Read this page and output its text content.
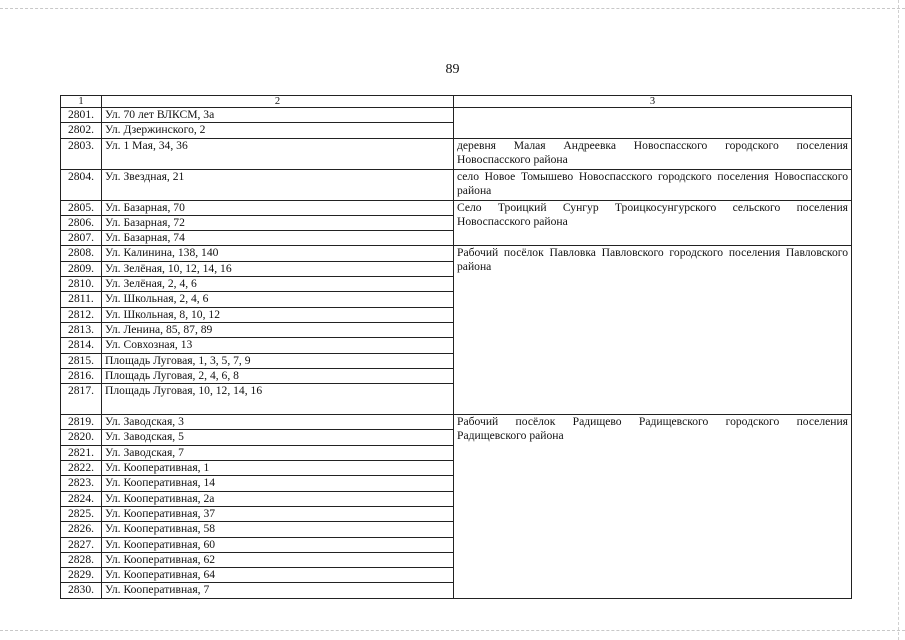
89
1	2	3
2801.	Ул. 70 лет ВЛКСМ, 3а	
2802.	Ул. Дзержинского, 2	
2803.	Ул. 1 Мая, 34, 36	деревня Малая Андреевка Новоспасского городского поселения Новоспасского района
2804.	Ул. Звездная, 21	село Новое Томышево Новоспасского городского поселения Новоспасского района
2805.	Ул. Базарная, 70	Село Троицкий Сунгур Троицкосунгурского сельского поселения Новоспасского района
2806.	Ул. Базарная, 72	
2807.	Ул. Базарная, 74	
2808.	Ул. Калинина, 138, 140	Рабочий посёлок Павловка Павловского городского поселения Павловского района
2809.	Ул. Зелёная, 10, 12, 14, 16	
2810.	Ул. Зелёная, 2, 4, 6	
2811.	Ул. Школьная, 2, 4, 6	
2812.	Ул. Школьная, 8, 10, 12	
2813.	Ул. Ленина, 85, 87, 89	
2814.	Ул. Совхозная, 13	
2815.	Площадь Луговая, 1, 3, 5, 7, 9	
2816.	Площадь Луговая, 2, 4, 6, 8	
2817.	Площадь Луговая, 10, 12, 14, 16	
2819.	Ул. Заводская, 3	Рабочий посёлок Радищево Радищевского городского поселения Радищевского района
2820.	Ул. Заводская, 5	
2821.	Ул. Заводская, 7	
2822.	Ул. Кооперативная, 1	
2823.	Ул. Кооперативная, 14	
2824.	Ул. Кооперативная, 2а	
2825.	Ул. Кооперативная, 37	
2826.	Ул. Кооперативная, 58	
2827.	Ул. Кооперативная, 60	
2828.	Ул. Кооперативная, 62	
2829.	Ул. Кооперативная, 64	
2830.	Ул. Кооперативная, 7	
